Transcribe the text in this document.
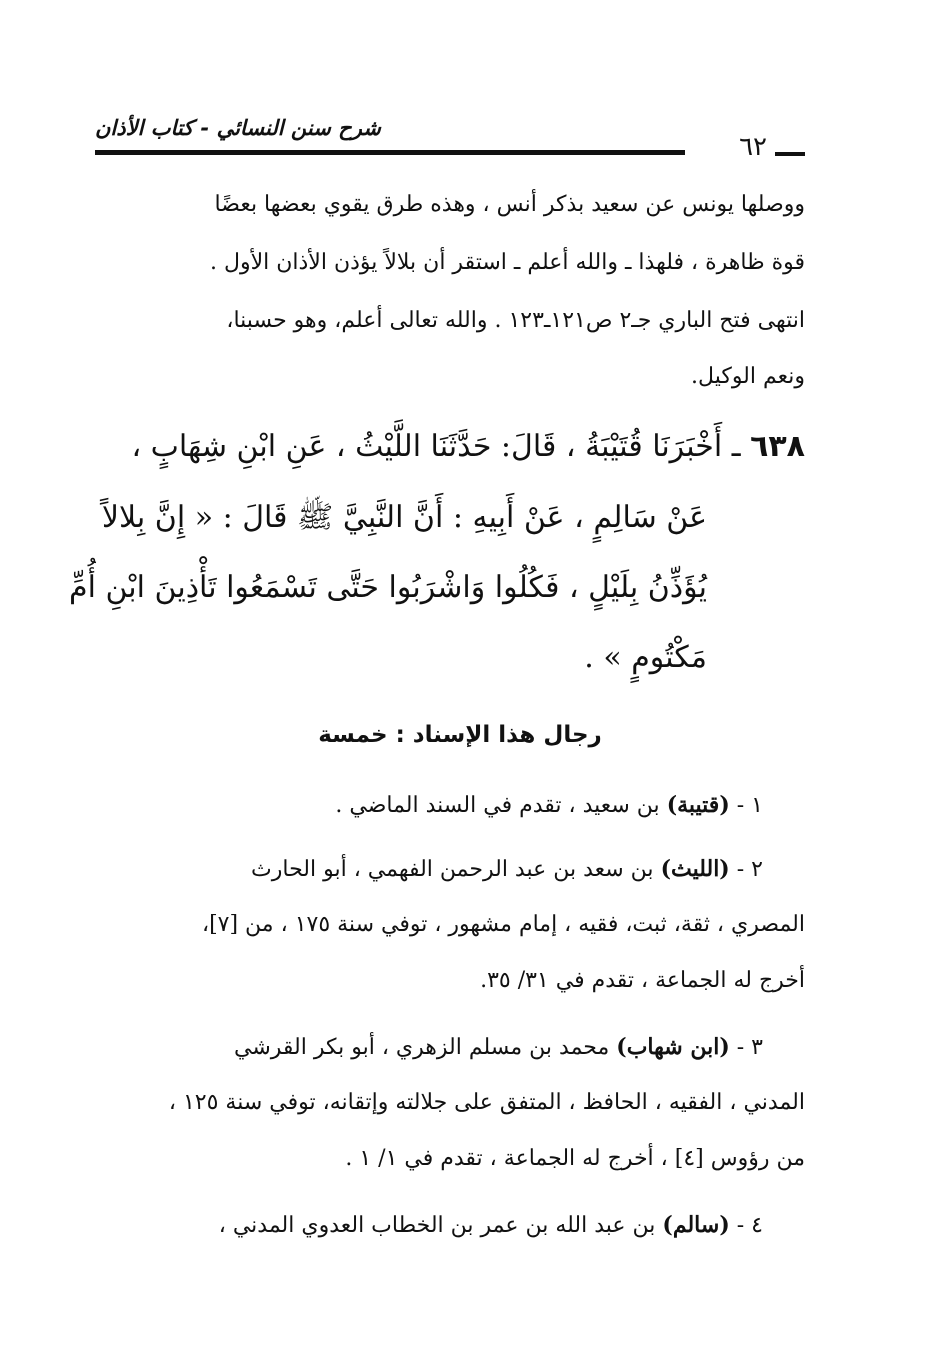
شرح سنن النسائي - كتاب الأذان
٦٢
ووصلها يونس عن سعيد بذكر أنس ، وهذه طرق يقوي بعضها بعضًا
قوة ظاهرة ، فلهذا ـ والله أعلم ـ استقر أن بلالاً يؤذن الأذان الأول .
انتهى فتح الباري جـ٢ ص١٢١ـ١٢٣ . والله تعالى أعلم، وهو حسبنا،
ونعم الوكيل.
٦٣٨ ـ أَخْبَرَنَا قُتَيْبَةُ ، قَالَ: حَدَّثَنَا اللَّيْثُ ، عَنِ ابْنِ شِهَابٍ ،
عَنْ سَالِمٍ ، عَنْ أَبِيهِ : أَنَّ النَّبِيَّ ﷺ قَالَ : « إِنَّ بِلالاً
يُؤَذِّنُ بِلَيْلٍ ، فَكُلُوا وَاشْرَبُوا حَتَّى تَسْمَعُوا تَأْذِينَ ابْنِ أُمِّ
مَكْتُومٍ » .
رجال هذا الإسناد : خمسة
١ - (قتيبة) بن سعيد ، تقدم في السند الماضي .
٢ - (الليث) بن سعد بن عبد الرحمن الفهمي ، أبو الحارث
المصري ، ثقة، ثبت، فقيه ، إمام مشهور ، توفي سنة ١٧٥ ، من [٧]،
أخرج له الجماعة ، تقدم في ٣١/ ٣٥.
٣ - (ابن شهاب) محمد بن مسلم الزهري ، أبو بكر القرشي
المدني ، الفقيه ، الحافظ ، المتفق على جلالته وإتقانه، توفي سنة ١٢٥ ،
من رؤوس [٤] ، أخرج له الجماعة ، تقدم في ١/ ١ .
٤ - (سالم) بن عبد الله بن عمر بن الخطاب العدوي المدني ،
